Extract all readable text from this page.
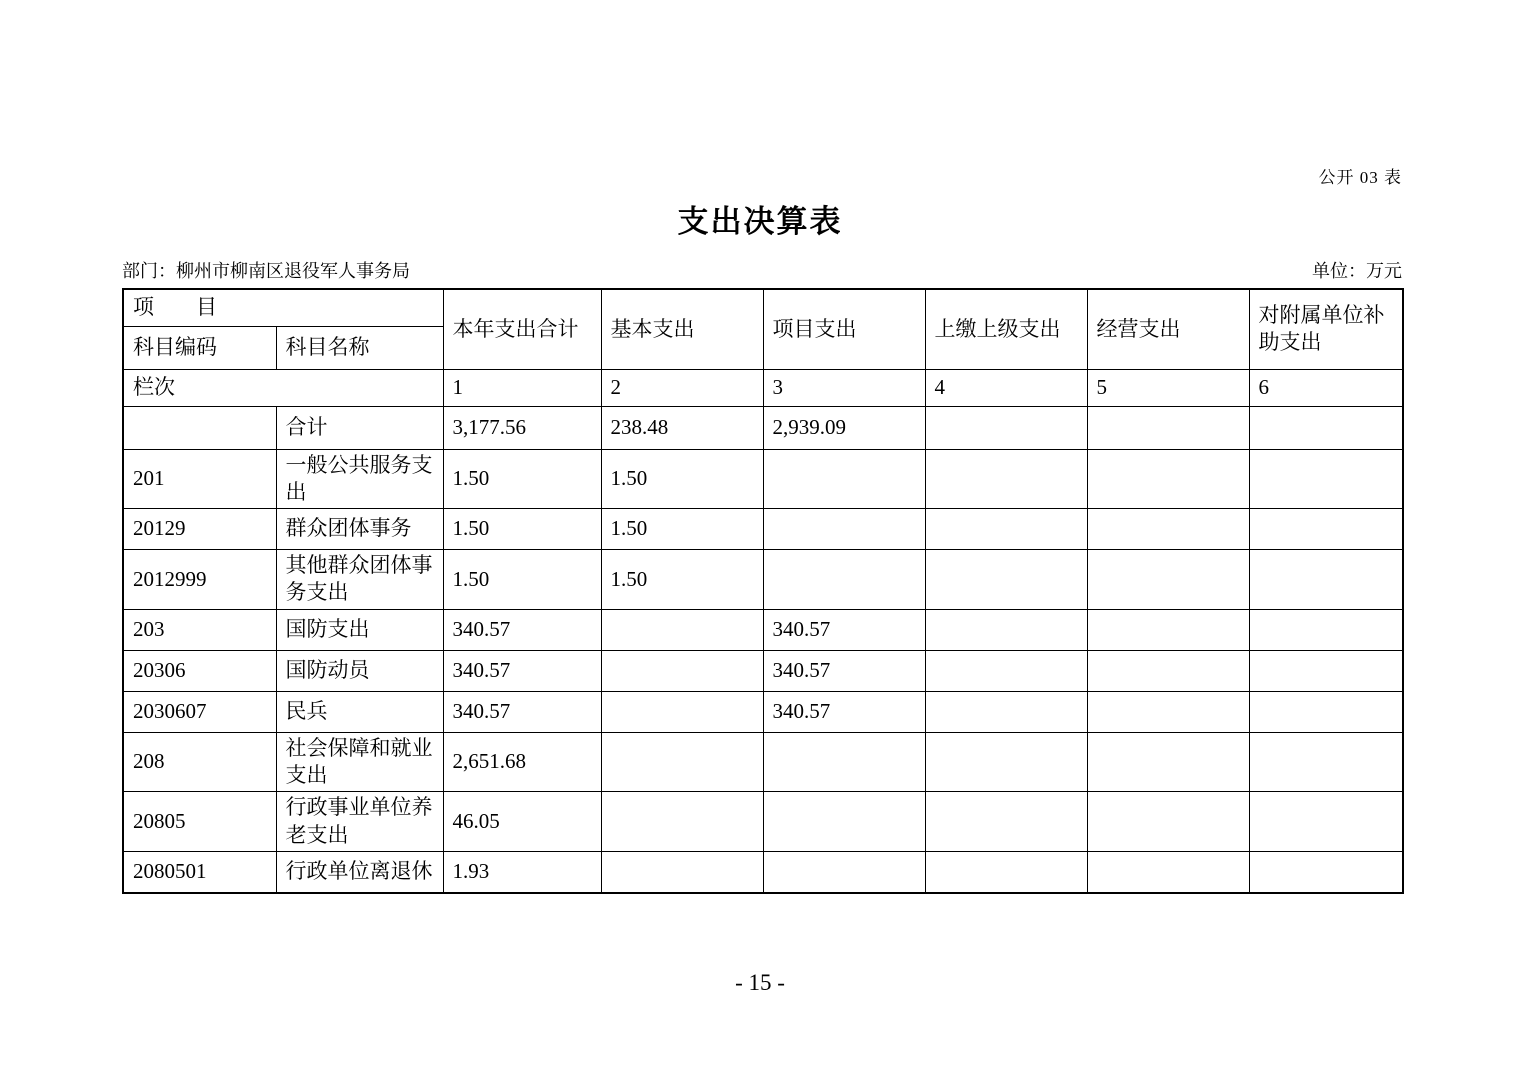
公开 03 表
支出决算表
部门：柳州市柳南区退役军人事务局	单位：万元
项　　目		本年支出合计	基本支出	项目支出	上缴上级支出	经营支出	对附属单位补助支出
科目编码	科目名称						
栏次		1	2	3	4	5	6
	合计	3,177.56	238.48	2,939.09			
201	一般公共服务支出	1.50	1.50				
20129	群众团体事务	1.50	1.50				
2012999	其他群众团体事务支出	1.50	1.50				
203	国防支出	340.57		340.57			
20306	国防动员	340.57		340.57			
2030607	民兵	340.57		340.57			
208	社会保障和就业支出	2,651.68					
20805	行政事业单位养老支出	46.05					
2080501	行政单位离退休	1.93					
- 15 -
